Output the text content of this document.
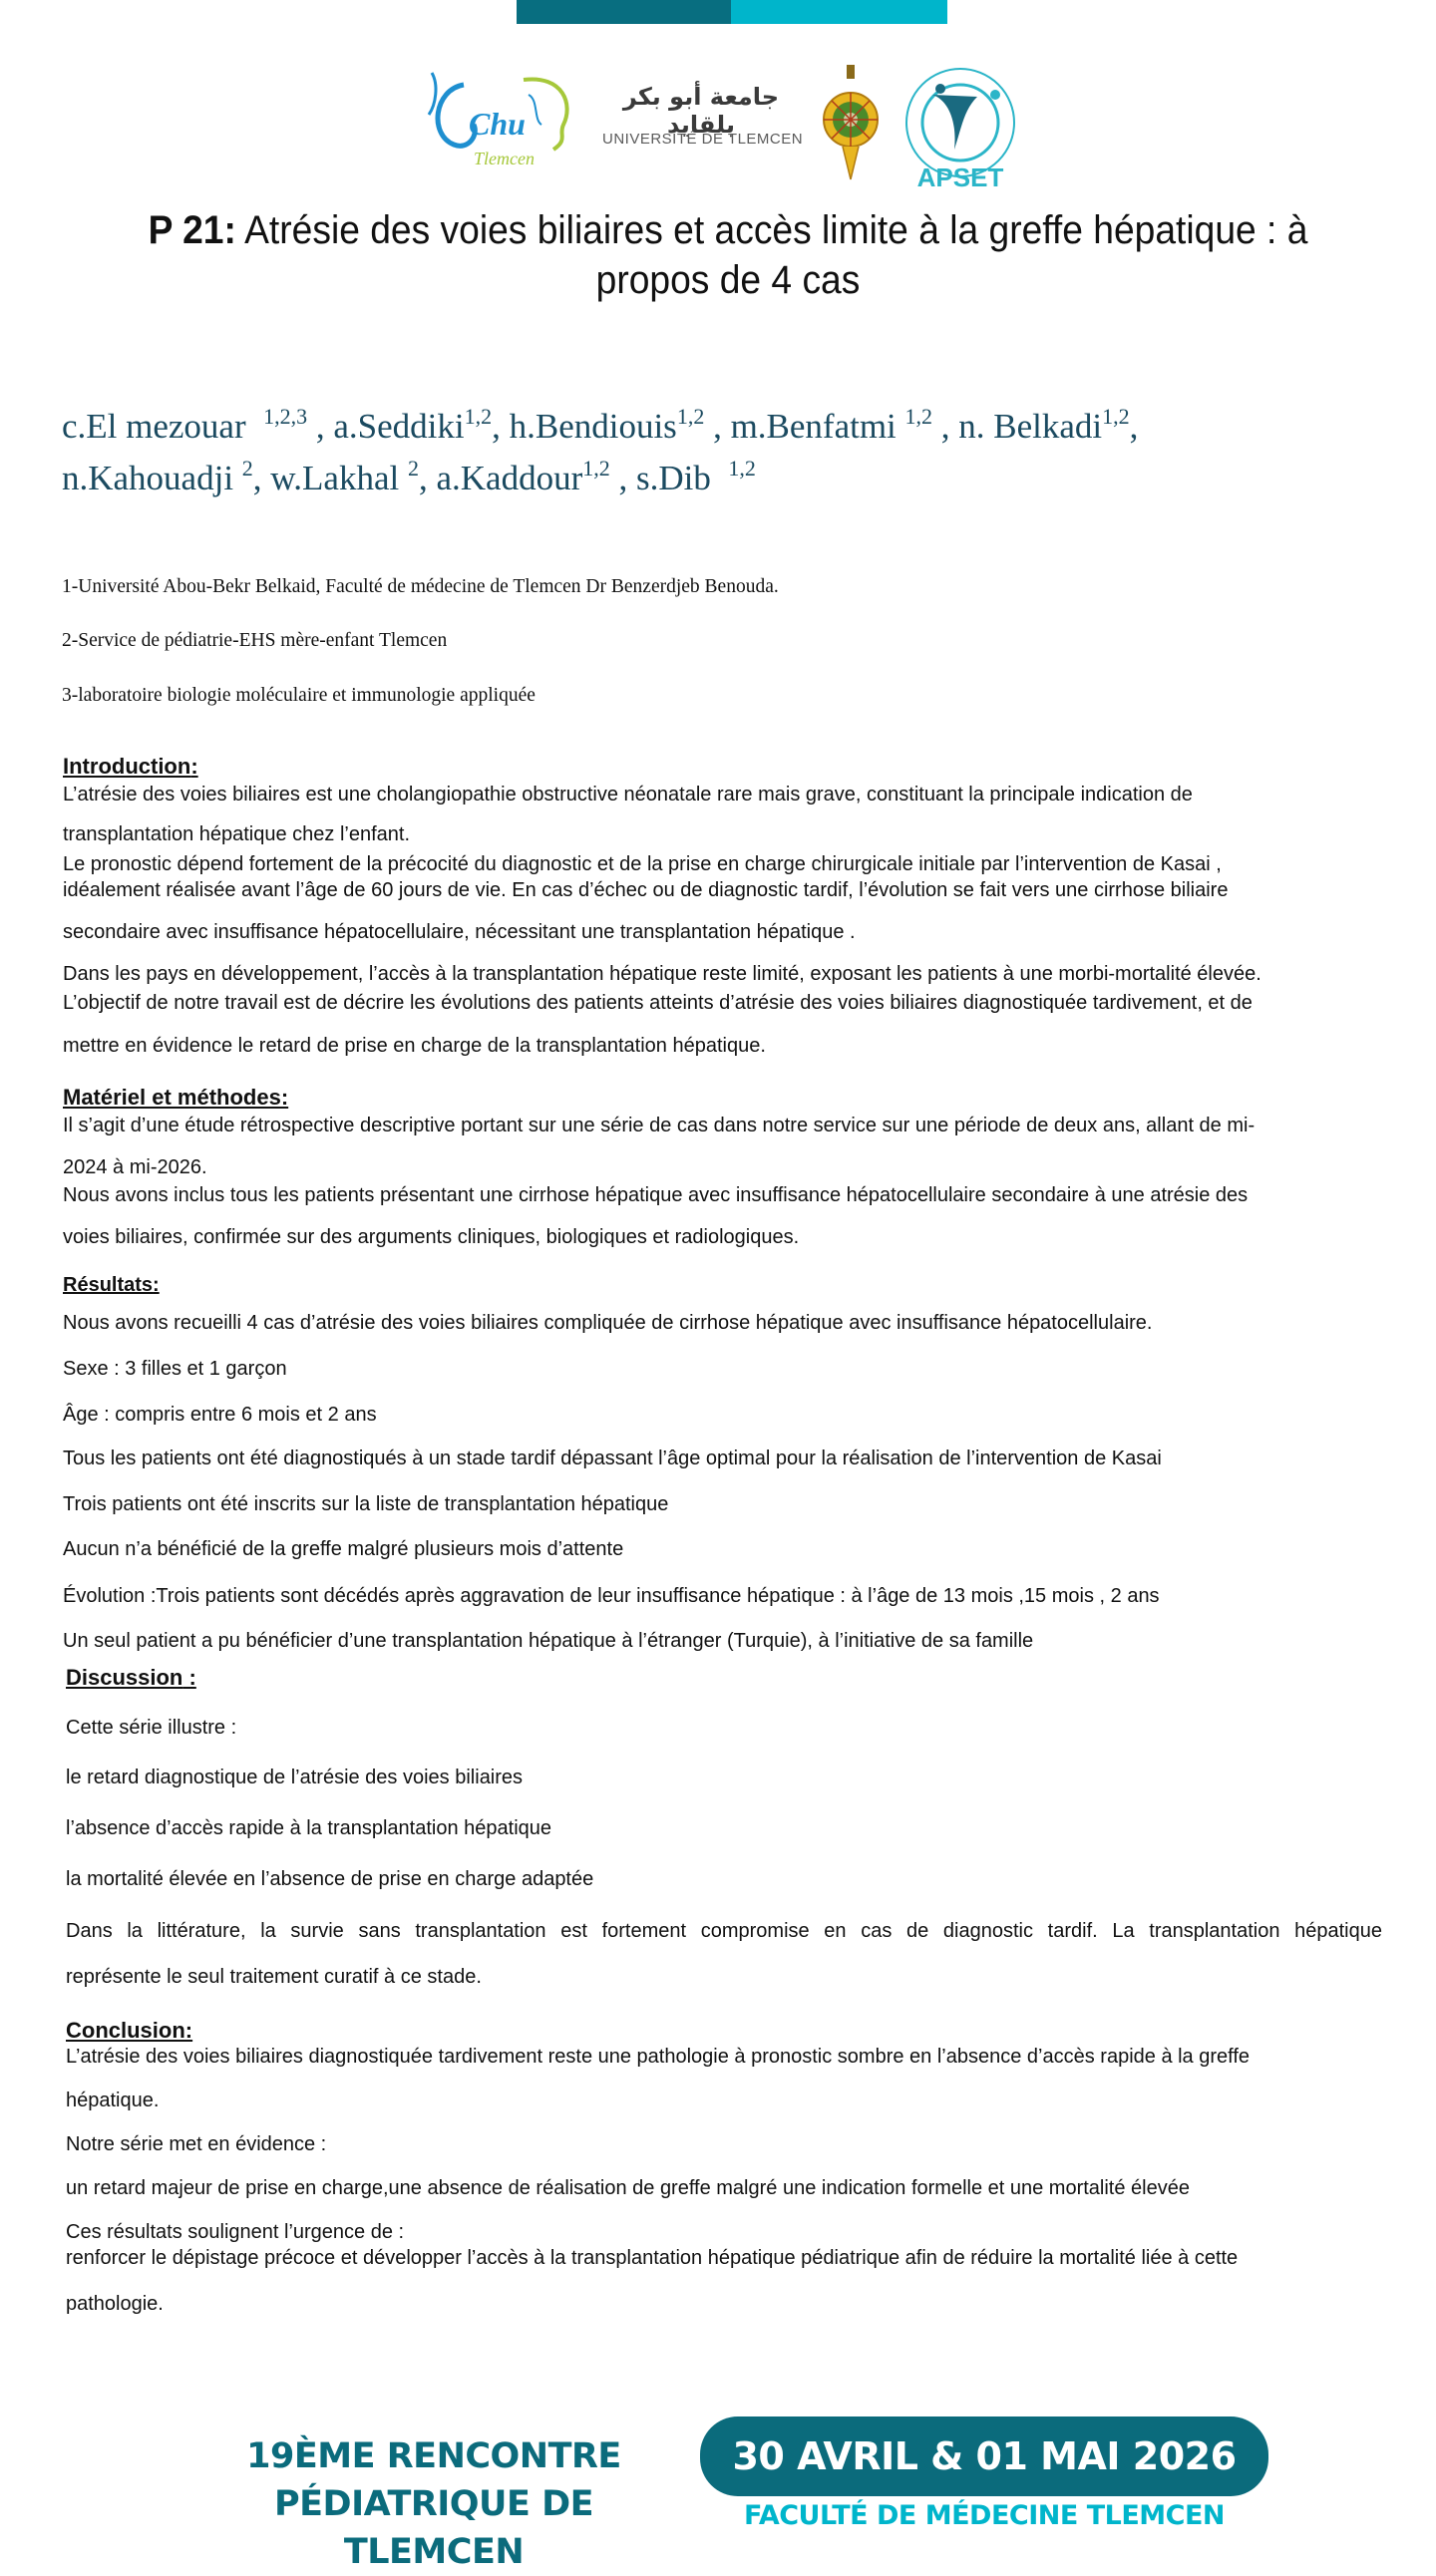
Chu
Tlemcen
جامعة أبو بكر بلقايد
UNIVERSITÉ DE TLEMCEN
APSET
P 21: Atrésie des voies biliaires et accès limite à la greffe hépatique : à
propos de 4 cas
c.El mezouar $^{1,2,3}$ , a.Seddiki$^{1,2}$, h.Bendiouis$^{1,2}$ , m.Benfatmi $^{1,2}$ , n. Belkadi$^{1,2}$,
n.Kahouadji $^2$, w.Lakhal $^2$, a.Kaddour$^{1,2}$ , s.Dib $^{1,2}$
1-Université Abou-Bekr Belkaid, Faculté de médecine de Tlemcen Dr Benzerdjeb Benouda.
2-Service de pédiatrie-EHS mère-enfant Tlemcen
3-laboratoire biologie moléculaire et immunologie appliquée
Introduction:
L’atrésie des voies biliaires est une cholangiopathie obstructive néonatale rare mais grave, constituant la principale indication de
transplantation hépatique chez l’enfant.
Le pronostic dépend fortement de la précocité du diagnostic et de la prise en charge chirurgicale initiale par l’intervention de Kasai ,
idéalement réalisée avant l’âge de 60 jours de vie. En cas d’échec ou de diagnostic tardif, l’évolution se fait vers une cirrhose biliaire
secondaire avec insuffisance hépatocellulaire, nécessitant une transplantation hépatique .
Dans les pays en développement, l’accès à la transplantation hépatique reste limité, exposant les patients à une morbi-mortalité élevée.
L’objectif de notre travail est de décrire les évolutions des patients atteints d’atrésie des voies biliaires diagnostiquée tardivement, et de
mettre en évidence le retard de prise en charge de la transplantation hépatique.
Matériel et méthodes:
Il s’agit d’une étude rétrospective descriptive portant sur une série de cas dans notre service sur une période de deux ans, allant de mi-
2024 à mi-2026.
Nous avons inclus tous les patients présentant une cirrhose hépatique avec insuffisance hépatocellulaire secondaire à une atrésie des
voies biliaires, confirmée sur des arguments cliniques, biologiques et radiologiques.
Résultats:
Nous avons recueilli 4 cas d’atrésie des voies biliaires compliquée de cirrhose hépatique avec insuffisance hépatocellulaire.
Sexe : 3 filles et 1 garçon
Âge : compris entre 6 mois et 2 ans
Tous les patients ont été diagnostiqués à un stade tardif dépassant l’âge optimal pour la réalisation de l’intervention de Kasai
Trois patients ont été inscrits sur la liste de transplantation hépatique
Aucun n’a bénéficié de la greffe malgré plusieurs mois d’attente
Évolution :Trois patients sont décédés après aggravation de leur insuffisance hépatique : à l’âge de 13 mois ,15 mois , 2 ans
Un seul patient a pu bénéficier d’une transplantation hépatique à l’étranger (Turquie), à l’initiative de sa famille
Discussion :
Cette série illustre :
le retard diagnostique de l’atrésie des voies biliaires
l’absence d’accès rapide à la transplantation hépatique
la mortalité élevée en l’absence de prise en charge adaptée
Dans la littérature, la survie sans transplantation est fortement compromise en cas de diagnostic tardif. La transplantation hépatique
représente le seul traitement curatif à ce stade.
Conclusion:
L’atrésie des voies biliaires diagnostiquée tardivement reste une pathologie à pronostic sombre en l’absence d’accès rapide à la greffe
hépatique.
Notre série met en évidence :
un retard majeur de prise en charge,une absence de réalisation de greffe malgré une indication formelle et une mortalité élevée
Ces résultats soulignent l’urgence de :
renforcer le dépistage précoce et développer l’accès à la transplantation hépatique pédiatrique afin de réduire la mortalité liée à cette
pathologie.
19ÈME RENCONTRE
PÉDIATRIQUE DE TLEMCEN
30 AVRIL & 01 MAI 2026
FACULTÉ DE MÉDECINE TLEMCEN
